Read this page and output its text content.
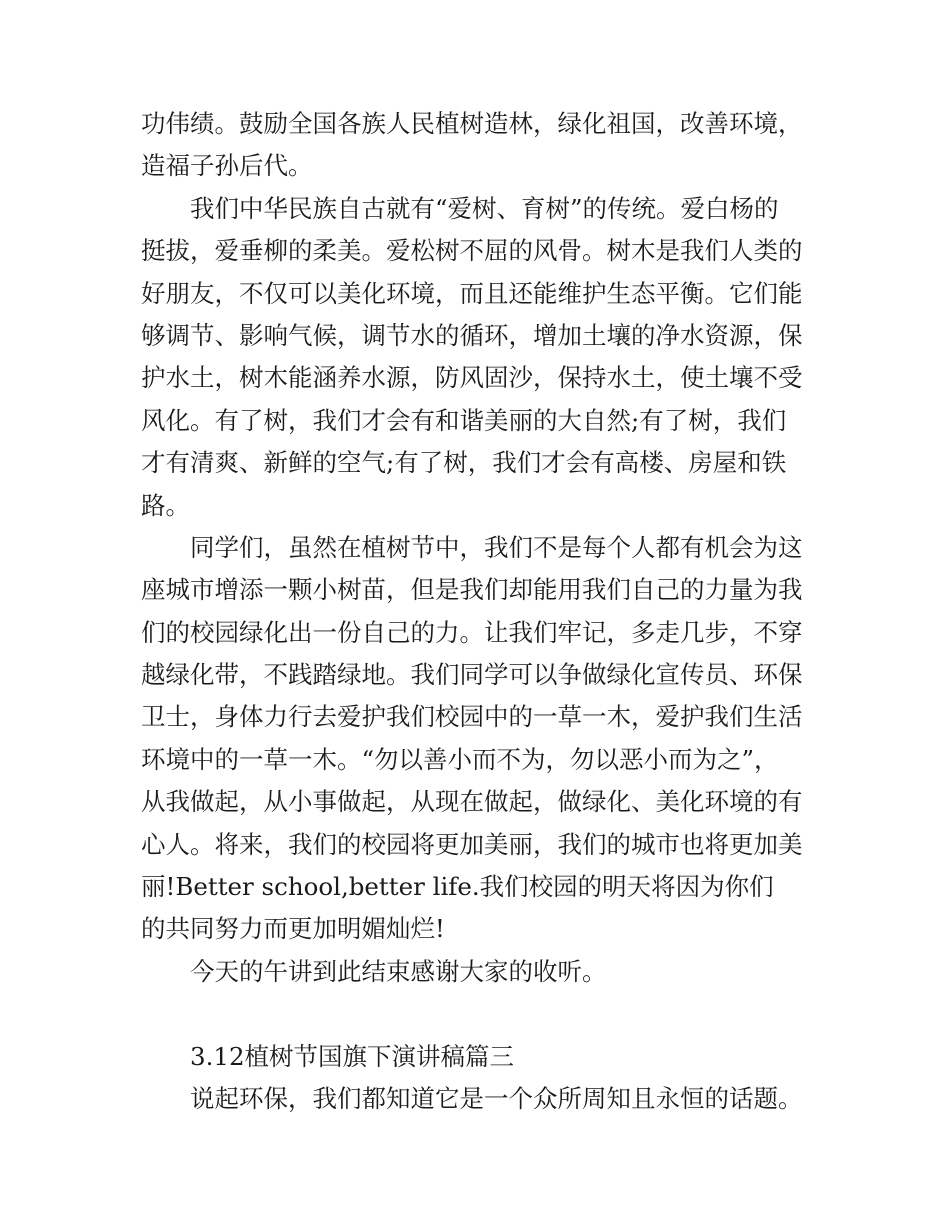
功伟绩。鼓励全国各族人民植树造林，绿化祖国，改善环境，
造福子孙后代。
我们中华民族自古就有“爱树、育树”的传统。爱白杨的
挺拔，爱垂柳的柔美。爱松树不屈的风骨。树木是我们人类的
好朋友，不仅可以美化环境，而且还能维护生态平衡。它们能
够调节、影响气候，调节水的循环，增加土壤的净水资源，保
护水土，树木能涵养水源，防风固沙，保持水土，使土壤不受
风化。有了树，我们才会有和谐美丽的大自然;有了树，我们
才有清爽、新鲜的空气;有了树，我们才会有高楼、房屋和铁
路。
同学们，虽然在植树节中，我们不是每个人都有机会为这
座城市增添一颗小树苗，但是我们却能用我们自己的力量为我
们的校园绿化出一份自己的力。让我们牢记，多走几步，不穿
越绿化带，不践踏绿地。我们同学可以争做绿化宣传员、环保
卫士，身体力行去爱护我们校园中的一草一木，爱护我们生活
环境中的一草一木。“勿以善小而不为，勿以恶小而为之”，
从我做起，从小事做起，从现在做起，做绿化、美化环境的有
心人。将来，我们的校园将更加美丽，我们的城市也将更加美
丽!Better school,better life.我们校园的明天将因为你们
的共同努力而更加明媚灿烂!
今天的午讲到此结束感谢大家的收听。
3.12植树节国旗下演讲稿篇三
说起环保，我们都知道它是一个众所周知且永恒的话题。
